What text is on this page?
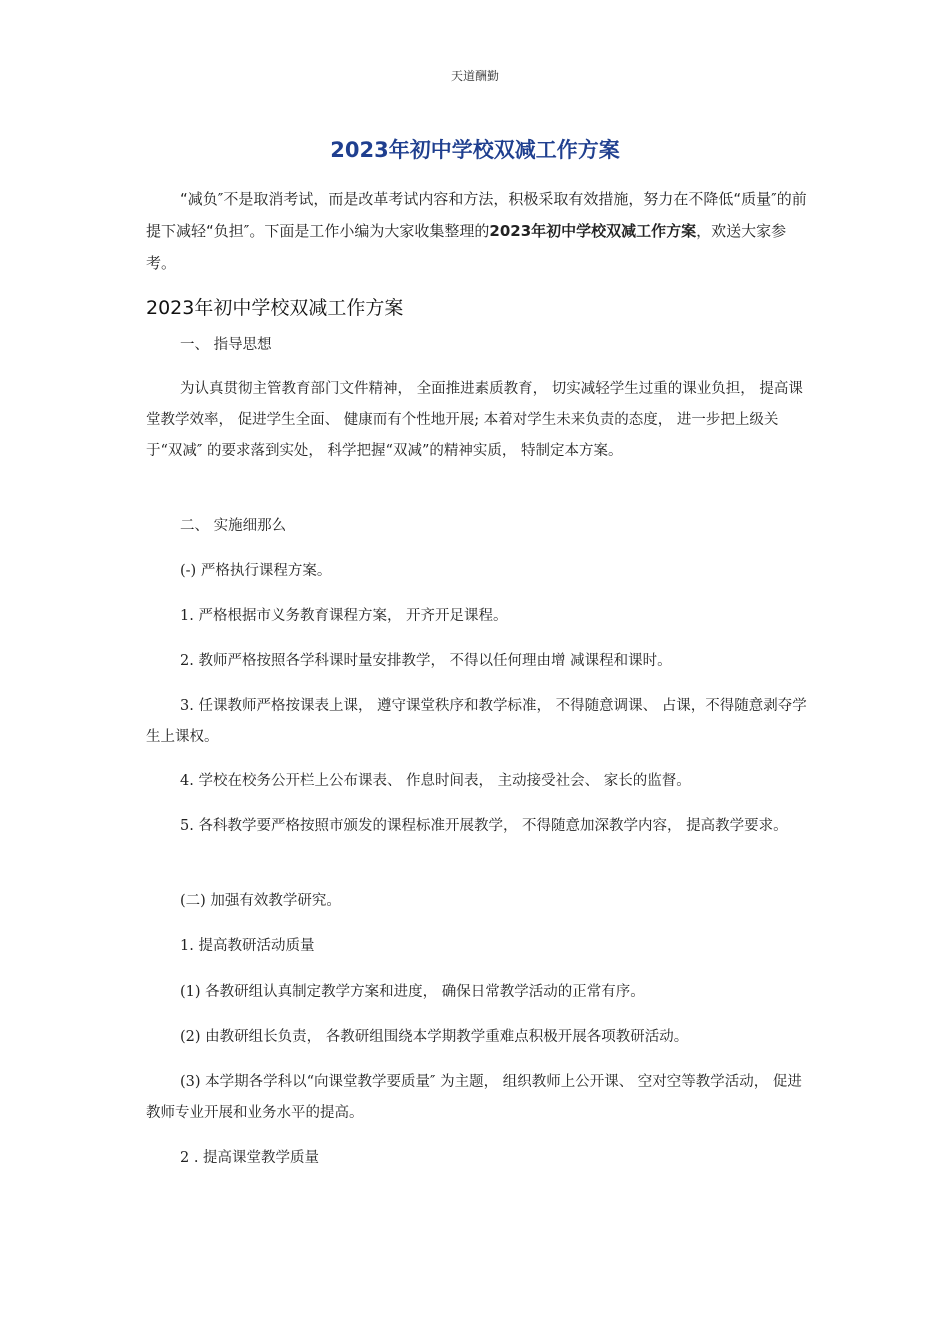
天道酬勤
2023年初中学校双减工作方案
“减负″不是取消考试，而是改革考试内容和方法，积极采取有效措施，努力在不降低“质量″的前提下减轻“负担″。下面是工作小编为大家收集整理的2023年初中学校双减工作方案，欢送大家参考。
2023年初中学校双减工作方案
一、 指导思想
为认真贯彻主管教育部门文件精神， 全面推进素质教育， 切实减轻学生过重的课业负担， 提高课堂教学效率， 促进学生全面、 健康而有个性地开展; 本着对学生未来负责的态度， 进一步把上级关于“双减″ 的要求落到实处， 科学把握“双减”的精神实质， 特制定本方案。
二、 实施细那么
(-) 严格执行课程方案。
1. 严格根据市义务教育课程方案， 开齐开足课程。
2. 教师严格按照各学科课时量安排教学， 不得以任何理由增 减课程和课时。
3. 任课教师严格按课表上课， 遵守课堂秩序和教学标准， 不得随意调课、 占课，不得随意剥夺学生上课权。
4. 学校在校务公开栏上公布课表、 作息时间表， 主动接受社会、 家长的监督。
5. 各科教学要严格按照市颁发的课程标准开展教学， 不得随意加深教学内容， 提高教学要求。
(二) 加强有效教学研究。
1. 提高教研活动质量
(1) 各教研组认真制定教学方案和进度， 确保日常教学活动的正常有序。
(2) 由教研组长负责， 各教研组围绕本学期教学重难点积极开展各项教研活动。
(3) 本学期各学科以“向课堂教学要质量″ 为主题， 组织教师上公开课、 空对空等教学活动， 促进教师专业开展和业务水平的提高。
2 . 提高课堂教学质量
